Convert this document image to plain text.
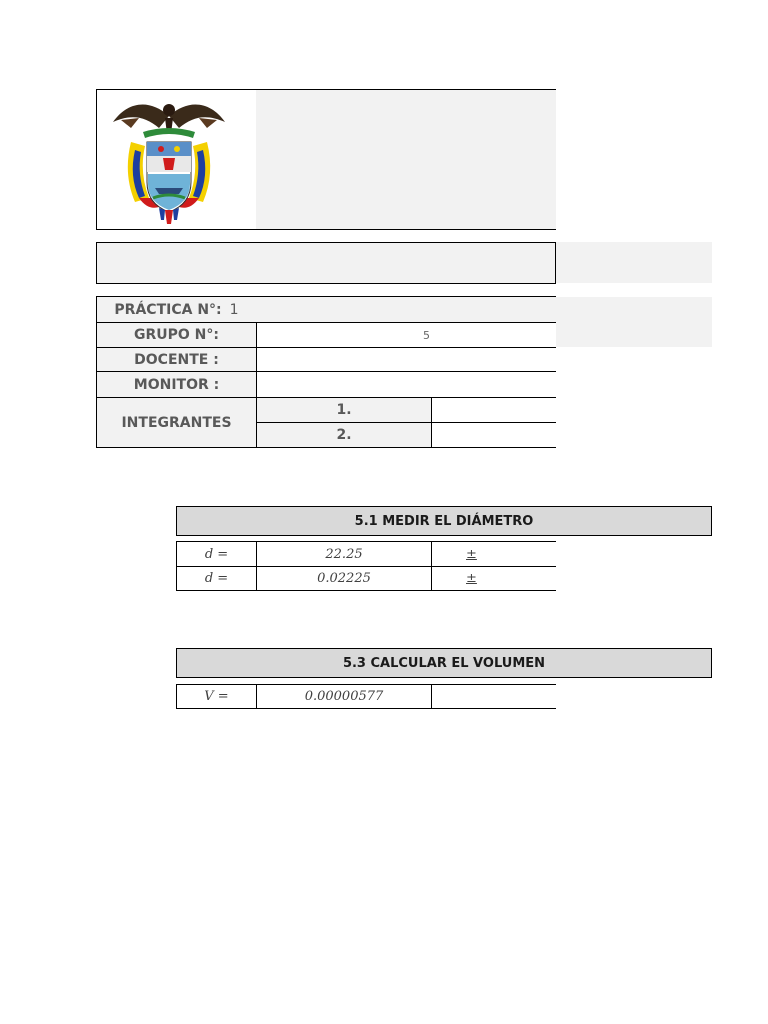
PRÁCTICA N°: 1
GRUPO N°:	5
DOCENTE :
MONITOR :
INTEGRANTES
1.
2.
5.1 MEDIR EL DIÁMETRO
d =	22.25	±
d =	0.02225	±
5.3 CALCULAR EL VOLUMEN
V =	0.00000577
